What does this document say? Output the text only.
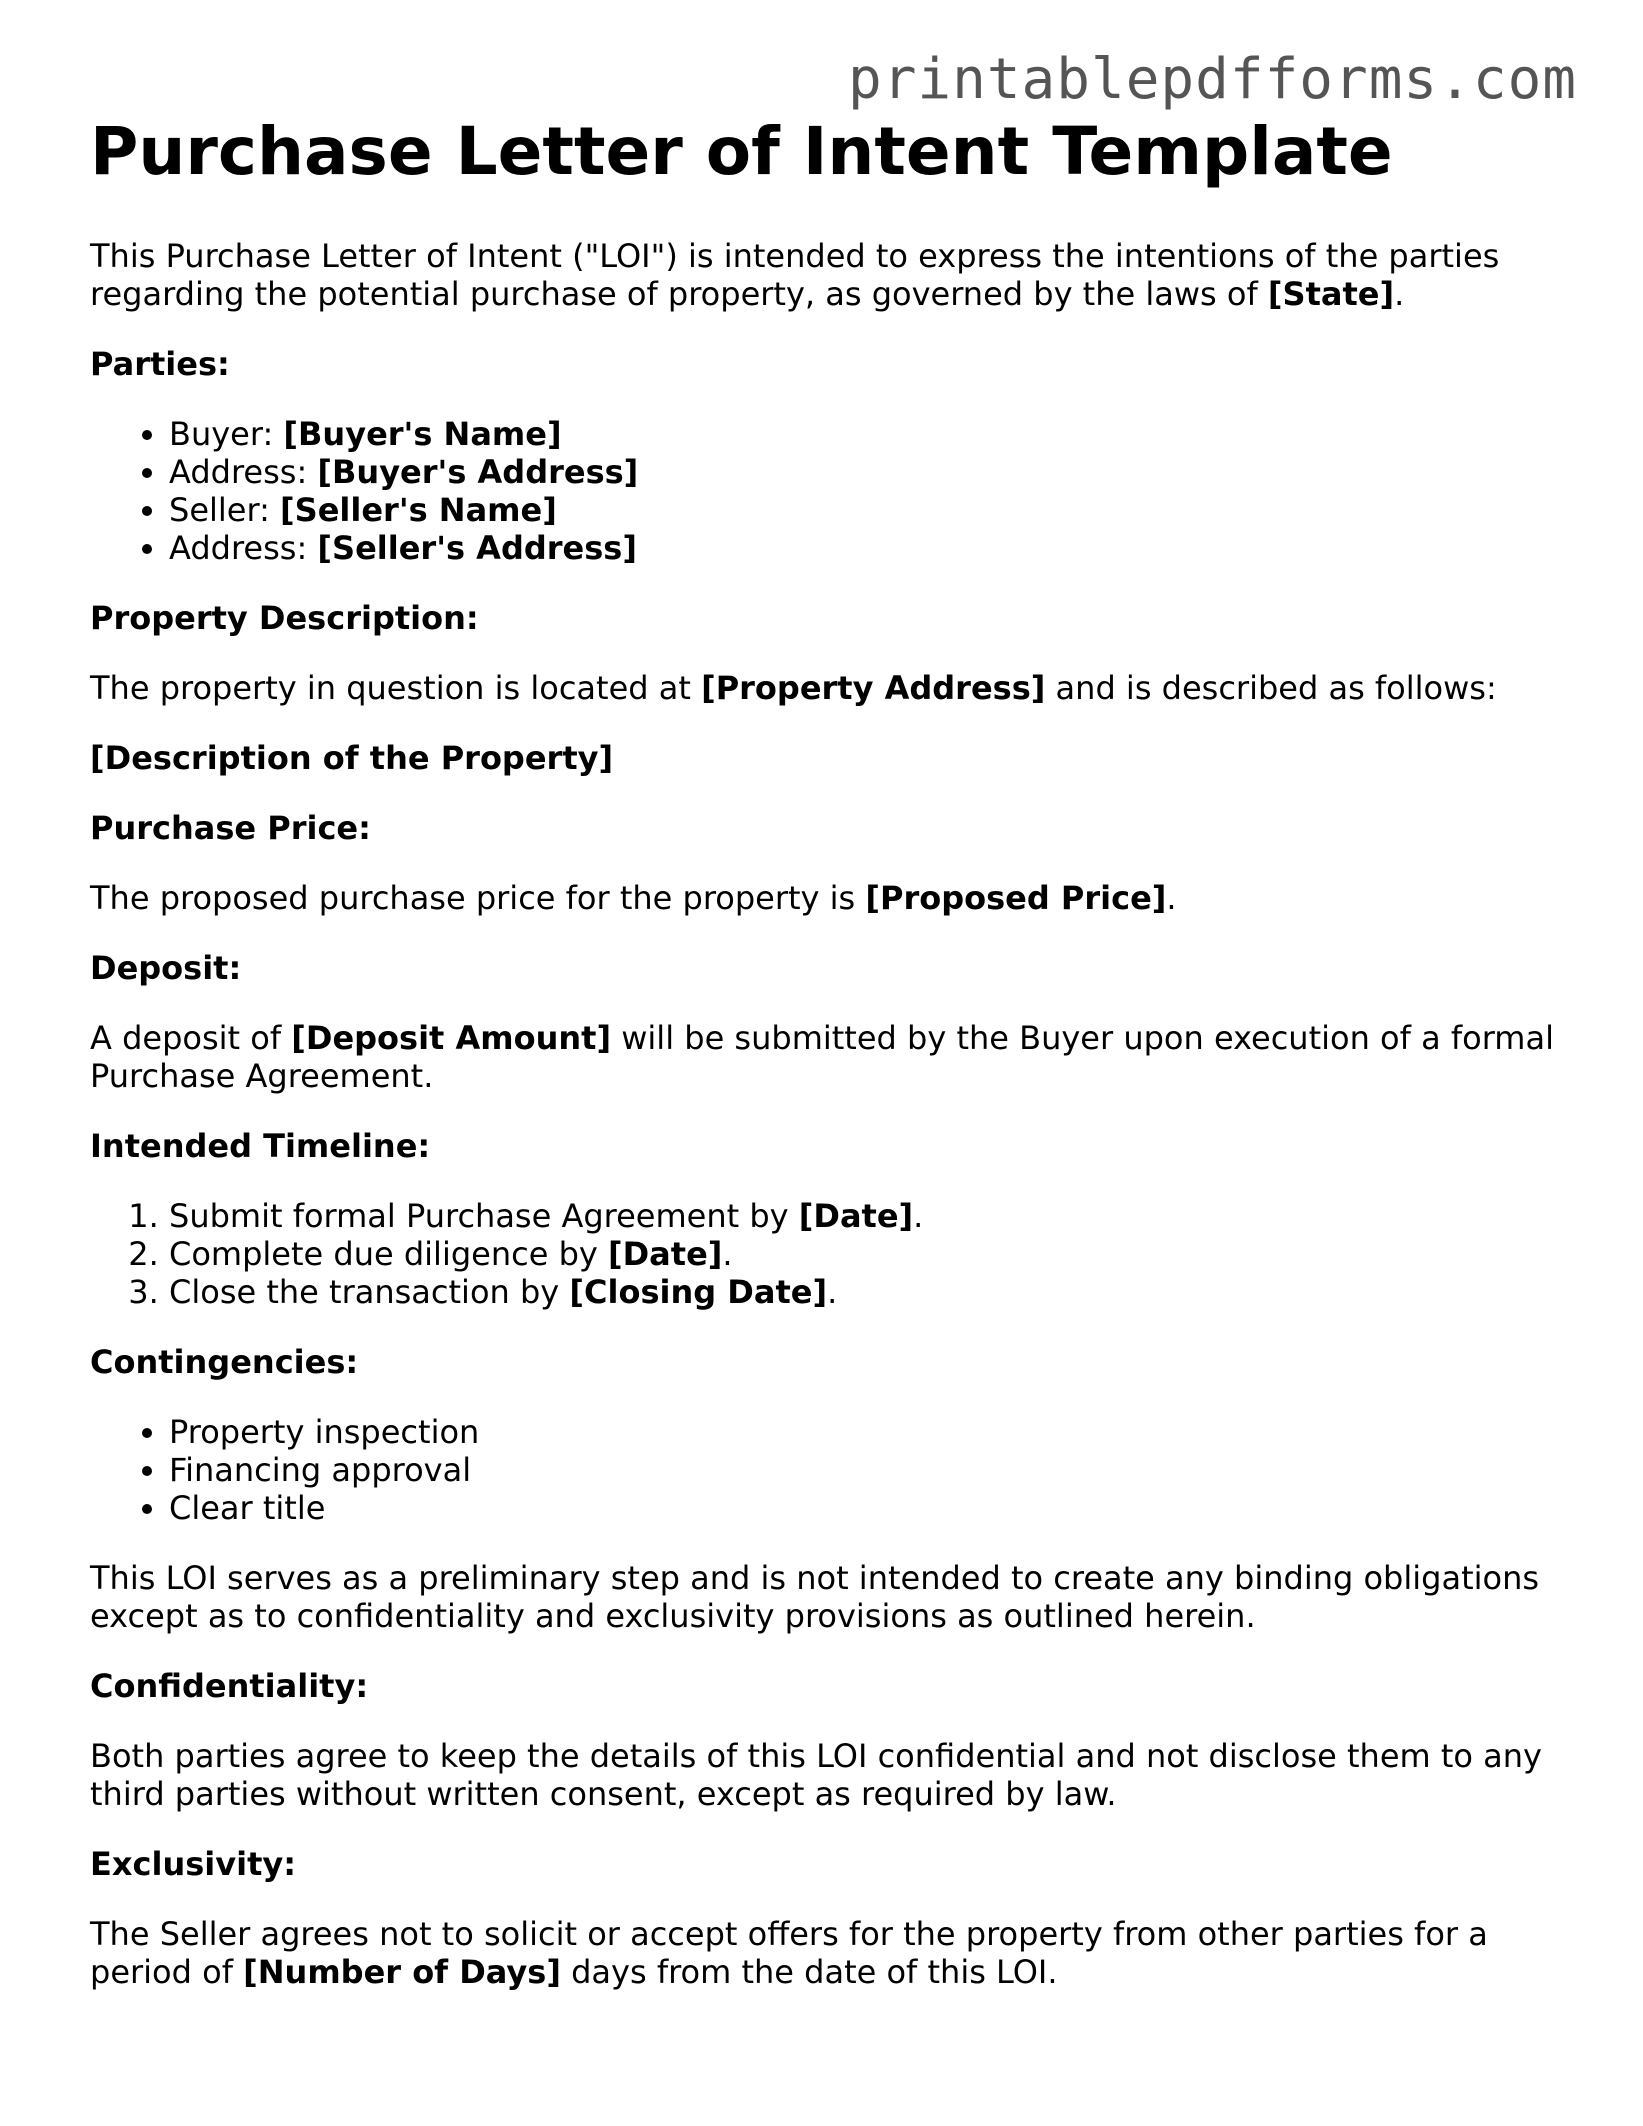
printablepdfforms.com
Purchase Letter of Intent Template

This Purchase Letter of Intent ("LOI") is intended to express the intentions of the parties regarding the potential purchase of property, as governed by the laws of [State].

Parties:

• Buyer: [Buyer's Name]
• Address: [Buyer's Address]
• Seller: [Seller's Name]
• Address: [Seller's Address]

Property Description:

The property in question is located at [Property Address] and is described as follows:

[Description of the Property]

Purchase Price:

The proposed purchase price for the property is [Proposed Price].

Deposit:

A deposit of [Deposit Amount] will be submitted by the Buyer upon execution of a formal Purchase Agreement.

Intended Timeline:

1. Submit formal Purchase Agreement by [Date].
2. Complete due diligence by [Date].
3. Close the transaction by [Closing Date].

Contingencies:

• Property inspection
• Financing approval
• Clear title

This LOI serves as a preliminary step and is not intended to create any binding obligations except as to confidentiality and exclusivity provisions as outlined herein.

Confidentiality:

Both parties agree to keep the details of this LOI confidential and not disclose them to any third parties without written consent, except as required by law.

Exclusivity:

The Seller agrees not to solicit or accept offers for the property from other parties for a period of [Number of Days] days from the date of this LOI.
